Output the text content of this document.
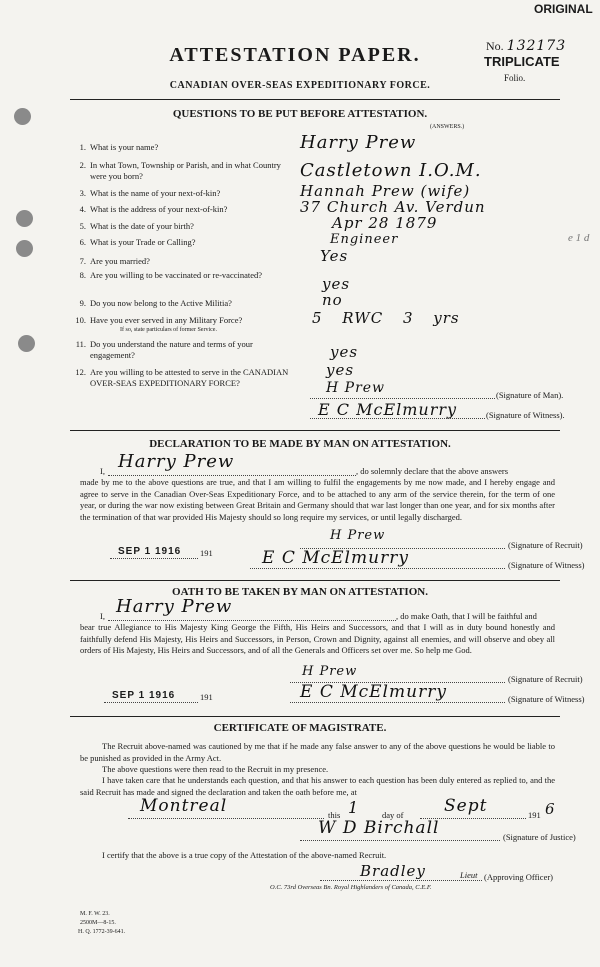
ATTESTATION PAPER.
ORIGINAL
No. 132173
TRIPLICATE
Folio.
CANADIAN OVER-SEAS EXPEDITIONARY FORCE.
QUESTIONS TO BE PUT BEFORE ATTESTATION.
(ANSWERS.)
1. What is your name?	Harry Prew
2. In what Town, Township or Parish, and in what Country were you born?	Castletown I.O.M.
3. What is the name of your next-of-kin?	Hannah Prew (wife)
4. What is the address of your next-of-kin?	37 Church Av. Verdun
5. What is the date of your birth?	Apr 28 1879
6. What is your Trade or Calling?	Engineer
7. Are you married?	Yes
8. Are you willing to be vaccinated or re-vaccinated?	yes
9. Do you now belong to the Active Militia?	no
10. Have you ever served in any Military Force?
If so, state particulars of former Service.
5 RWC 3 yrs
11. Do you understand the nature and terms of your engagement?	yes
12. Are you willing to be attested to serve in the CANADIAN OVER-SEAS EXPEDITIONARY FORCE?
yes
H Prew	(Signature of Man).
E C McElmurry	(Signature of Witness).
DECLARATION TO BE MADE BY MAN ON ATTESTATION.
I, Harry Prew	, do solemnly declare that the above answers
made by me to the above questions are true, and that I am willing to fulfil the engagements by me now made, and I hereby engage and agree to serve in the Canadian Over-Seas Expeditionary Force, and to be attached to any arm of the service therein, for the term of one year, or during the war now existing between Great Britain and Germany should that war last longer than one year, and for six months after the termination of that war provided His Majesty should so long require my services, or until legally discharged.
SEP 1 1916 191
H Prew
(Signature of Recruit)
E C McElmurry	(Signature of Witness)
OATH TO BE TAKEN BY MAN ON ATTESTATION.
I, Harry Prew	, do make Oath, that I will be faithful and
bear true Allegiance to His Majesty King George the Fifth, His Heirs and Successors, and that I will as in duty bound honestly and faithfully defend His Majesty, His Heirs and Successors, in Person, Crown and Dignity, against all enemies, and will observe and obey all orders of His Majesty, His Heirs and Successors, and of all the Generals and Officers set over me. So help me God.
H Prew	(Signature of Recruit)
SEP 1 1916	191	E C McElmurry	(Signature of Witness)
CERTIFICATE OF MAGISTRATE.
The Recruit above-named was cautioned by me that if he made any false answer to any of the above questions he would be liable to be punished as provided in the Army Act.
The above questions were then read to the Recruit in my presence.
I have taken care that he understands each question, and that his answer to each question has been duly entered as replied to, and the said Recruit has made and signed the declaration and taken the oath before me, at
Montreal	this 1	day of Sept	191 6
W D Birchall	(Signature of Justice)
I certify that the above is a true copy of the Attestation of the above-named Recruit.
Bradley	Lieut (Approving Officer)
O.C. 73rd Overseas Bn. Royal Highlanders of Canada, C.E.F.
M. F. W. 23.
2500M—8-15.
H. Q. 1772-39-641.
e 1 d
